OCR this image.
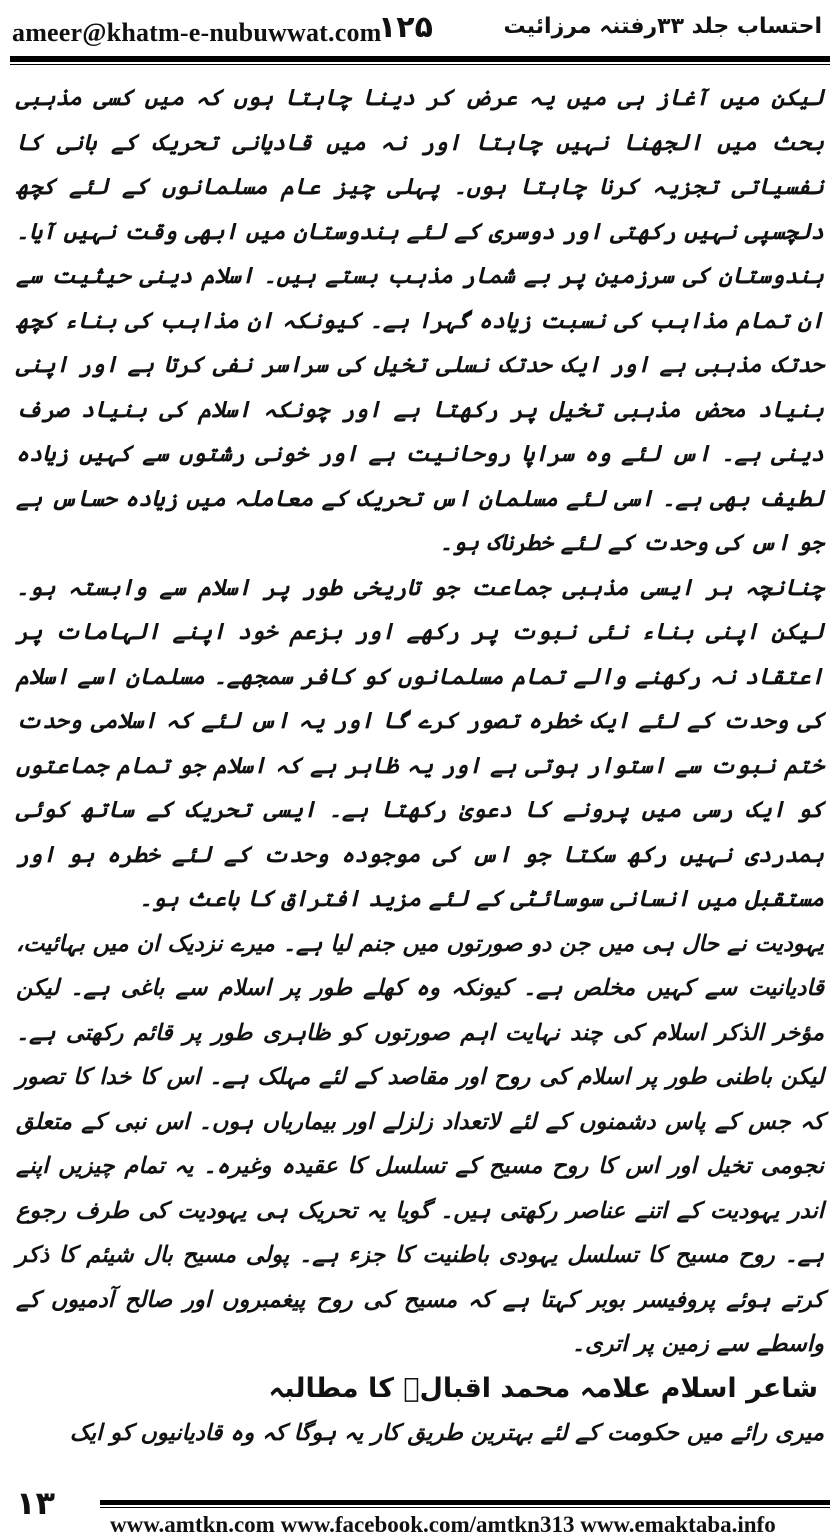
ameer@khatm-e-nubuwwat.com
۱۲۵	احتساب جلد ۳۳رفتنہ مرزائیت

لیکن میں آغاز ہی میں یہ عرض کر دینا چاہتا ہوں کہ میں کسی مذہبی بحث میں الجھنا نہیں چاہتا اور نہ میں قادیانی تحریک کے بانی کا نفسیاتی تجزیہ کرنا چاہتا ہوں۔ پہلی چیز عام مسلمانوں کے لئے کچھ دلچسپی نہیں رکھتی اور دوسری کے لئے ہندوستان میں ابھی وقت نہیں آیا۔ ہندوستان کی سرزمین پر بے شمار مذہب بستے ہیں۔ اسلام دینی حیثیت سے ان تمام مذاہب کی نسبت زیادہ گہرا ہے۔ کیونکہ ان مذاہب کی بناء کچھ حدتک مذہبی ہے اور ایک حدتک نسلی تخیل کی سراسر نفی کرتا ہے اور اپنی بنیاد محض مذہبی تخیل پر رکھتا ہے اور چونکہ اسلام کی بنیاد صرف دینی ہے۔ اس لئے وہ سراپا روحانیت ہے اور خونی رشتوں سے کہیں زیادہ لطیف بھی ہے۔ اسی لئے مسلمان اس تحریک کے معاملہ میں زیادہ حساس ہے جو اس کی وحدت کے لئے خطرناک ہو۔

چنانچہ ہر ایسی مذہبی جماعت جو تاریخی طور پر اسلام سے وابستہ ہو۔ لیکن اپنی بناء نئی نبوت پر رکھے اور بزعم خود اپنے الہامات پر اعتقاد نہ رکھنے والے تمام مسلمانوں کو کافر سمجھے۔ مسلمان اسے اسلام کی وحدت کے لئے ایک خطرہ تصور کرے گا اور یہ اس لئے کہ اسلامی وحدت ختم نبوت سے استوار ہوتی ہے اور یہ ظاہر ہے کہ اسلام جو تمام جماعتوں کو ایک رسی میں پرونے کا دعویٰ رکھتا ہے۔ ایسی تحریک کے ساتھ کوئی ہمدردی نہیں رکھ سکتا جو اس کی موجودہ وحدت کے لئے خطرہ ہو اور مستقبل میں انسانی سوسائٹی کے لئے مزید افتراق کا باعث ہو۔

یہودیت نے حال ہی میں جن دو صورتوں میں جنم لیا ہے۔ میرے نزدیک ان میں بہائیت، قادیانیت سے کہیں مخلص ہے۔ کیونکہ وہ کھلے طور پر اسلام سے باغی ہے۔ لیکن مؤخر الذکر اسلام کی چند نہایت اہم صورتوں کو ظاہری طور پر قائم رکھتی ہے۔ لیکن باطنی طور پر اسلام کی روح اور مقاصد کے لئے مہلک ہے۔ اس کا خدا کا تصور کہ جس کے پاس دشمنوں کے لئے لاتعداد زلزلے اور بیماریاں ہوں۔ اس نبی کے متعلق نجومی تخیل اور اس کا روح مسیح کے تسلسل کا عقیدہ وغیرہ۔ یہ تمام چیزیں اپنے اندر یہودیت کے اتنے عناصر رکھتی ہیں۔ گویا یہ تحریک ہی یہودیت کی طرف رجوع ہے۔ روح مسیح کا تسلسل یہودی باطنیت کا جزء ہے۔ پولی مسیح بال شیئم کا ذکر کرتے ہوئے پروفیسر بوبر کہتا ہے کہ مسیح کی روح پیغمبروں اور صالح آدمیوں کے واسطے سے زمین پر اتری۔

شاعر اسلام علامہ محمد اقبالؒ کا مطالبہ

میری رائے میں حکومت کے لئے بہترین طریق کار یہ ہوگا کہ وہ قادیانیوں کو ایک

۱۳
www.amtkn.com www.facebook.com/amtkn313 www.emaktaba.info
